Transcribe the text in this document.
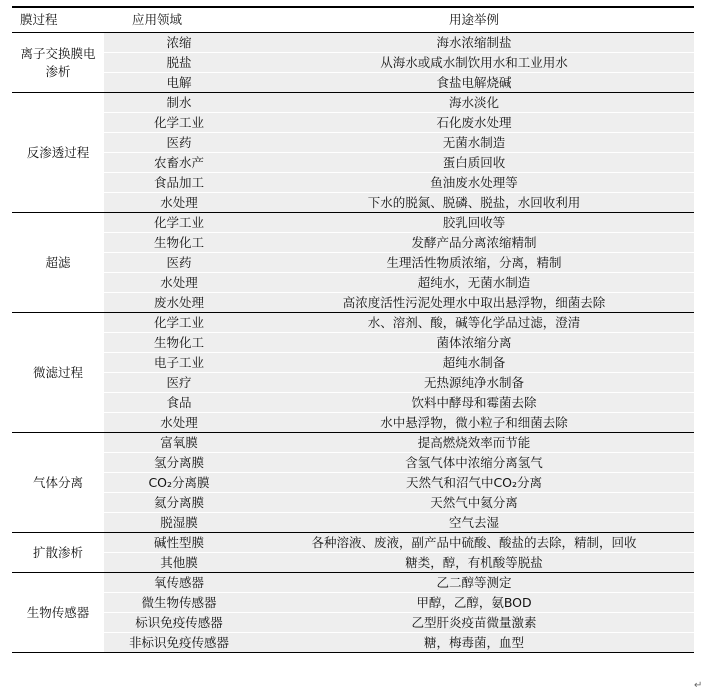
膜过程	应用领域	用途举例
离子交换膜电渗析	浓缩	海水浓缩制盐
	脱盐	从海水或咸水制饮用水和工业用水
	电解	食盐电解烧碱
反渗透过程	制水	海水淡化
	化学工业	石化废水处理
	医药	无菌水制造
	农畜水产	蛋白质回收
	食品加工	鱼油废水处理等
	水处理	下水的脱氮、脱磷、脱盐，水回收利用
超滤	化学工业	胶乳回收等
	生物化工	发酵产品分离浓缩精制
	医药	生理活性物质浓缩，分离，精制
	水处理	超纯水，无菌水制造
	废水处理	高浓度活性污泥处理水中取出悬浮物，细菌去除
微滤过程	化学工业	水、溶剂、酸，碱等化学品过滤，澄清
	生物化工	菌体浓缩分离
	电子工业	超纯水制备
	医疗	无热源纯净水制备
	食品	饮料中酵母和霉菌去除
	水处理	水中悬浮物，微小粒子和细菌去除
气体分离	富氧膜	提高燃烧效率而节能
	氢分离膜	含氢气体中浓缩分离氢气
	CO₂分离膜	天然气和沼气中CO₂分离
	氦分离膜	天然气中氦分离
	脱湿膜	空气去湿
扩散渗析	碱性型膜	各种溶液、废液，副产品中硫酸、酸盐的去除，精制，回收
	其他膜	糖类，醇，有机酸等脱盐
生物传感器	氧传感器	乙二醇等测定
	微生物传感器	甲醇，乙醇，氨BOD
	标识免疫传感器	乙型肝炎疫苗微量激素
	非标识免疫传感器	糖，梅毒菌，血型
↵
